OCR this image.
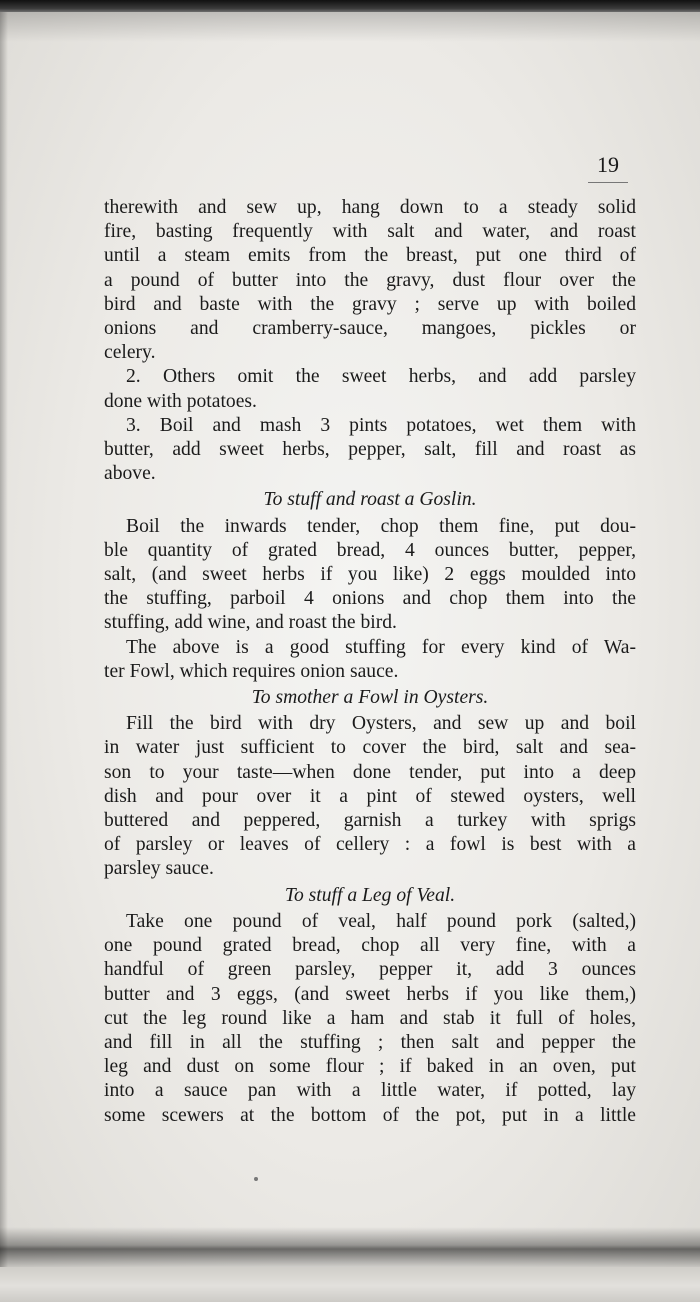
19
therewith and sew up, hang down to a steady solid
fire, basting frequently with salt and water, and roast
until a steam emits from the breast, put one third of
a pound of butter into the gravy, dust flour over the
bird and baste with the gravy ; serve up with boiled
onions and cramberry-sauce, mangoes, pickles or
celery.
2. Others omit the sweet herbs, and add parsley
done with potatoes.
3. Boil and mash 3 pints potatoes, wet them with
butter, add sweet herbs, pepper, salt, fill and roast as
above.
To stuff and roast a Goslin.
Boil the inwards tender, chop them fine, put dou-
ble quantity of grated bread, 4 ounces butter, pepper,
salt, (and sweet herbs if you like) 2 eggs moulded into
the stuffing, parboil 4 onions and chop them into the
stuffing, add wine, and roast the bird.
The above is a good stuffing for every kind of Wa-
ter Fowl, which requires onion sauce.
To smother a Fowl in Oysters.
Fill the bird with dry Oysters, and sew up and boil
in water just sufficient to cover the bird, salt and sea-
son to your taste—when done tender, put into a deep
dish and pour over it a pint of stewed oysters, well
buttered and peppered, garnish a turkey with sprigs
of parsley or leaves of cellery : a fowl is best with a
parsley sauce.
To stuff a Leg of Veal.
Take one pound of veal, half pound pork (salted,)
one pound grated bread, chop all very fine, with a
handful of green parsley, pepper it, add 3 ounces
butter and 3 eggs, (and sweet herbs if you like them,)
cut the leg round like a ham and stab it full of holes,
and fill in all the stuffing ; then salt and pepper the
leg and dust on some flour ; if baked in an oven, put
into a sauce pan with a little water, if potted, lay
some scewers at the bottom of the pot, put in a little
